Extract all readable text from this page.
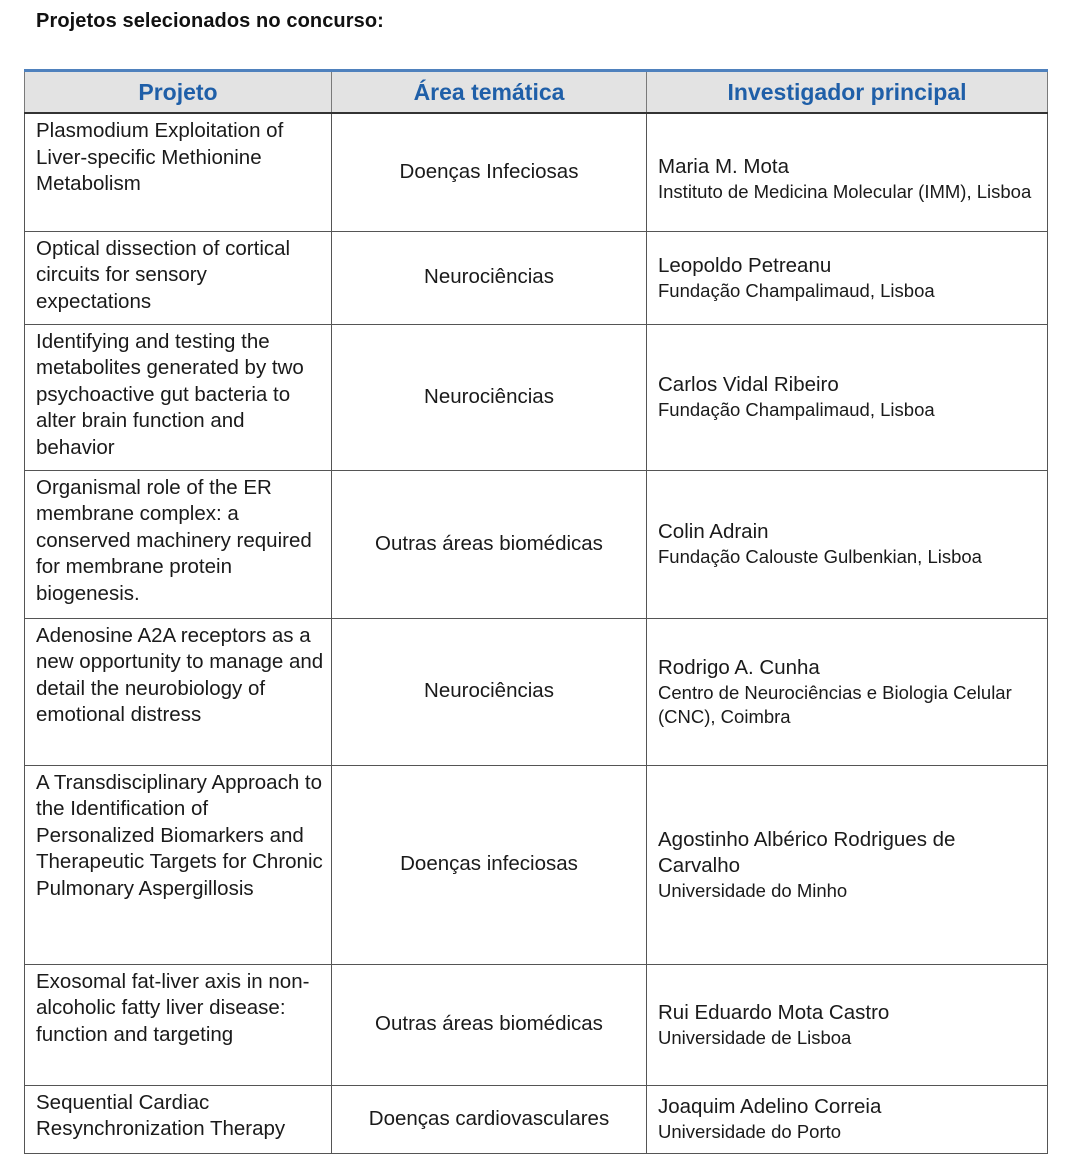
Projetos selecionados no concurso:
Projeto	Área temática	Investigador principal
Plasmodium Exploitation of Liver-specific Methionine Metabolism	Doenças Infeciosas	Maria M. Mota
Instituto de Medicina Molecular (IMM), Lisboa

Optical dissection of cortical circuits for sensory expectations	Neurociências	Leopoldo Petreanu
Fundação Champalimaud, Lisboa

Identifying and testing the metabolites generated by two psychoactive gut bacteria to alter brain function and behavior	Neurociências	Carlos Vidal Ribeiro
Fundação Champalimaud, Lisboa

Organismal role of the ER membrane complex: a conserved machinery required for membrane protein biogenesis.	Outras áreas biomédicas	Colin Adrain
Fundação Calouste Gulbenkian, Lisboa

Adenosine A2A receptors as a new opportunity to manage and detail the neurobiology of emotional distress	Neurociências	Rodrigo A. Cunha
Centro de Neurociências e Biologia Celular (CNC), Coimbra

A Transdisciplinary Approach to the Identification of Personalized Biomarkers and Therapeutic Targets for Chronic Pulmonary Aspergillosis	Doenças infeciosas	Agostinho Albérico Rodrigues de Carvalho
Universidade do Minho

Exosomal fat-liver axis in non-alcoholic fatty liver disease: function and targeting	Outras áreas biomédicas	Rui Eduardo Mota Castro
Universidade de Lisboa

Sequential Cardiac Resynchronization Therapy	Doenças cardiovasculares	Joaquim Adelino Correia
Universidade do Porto
